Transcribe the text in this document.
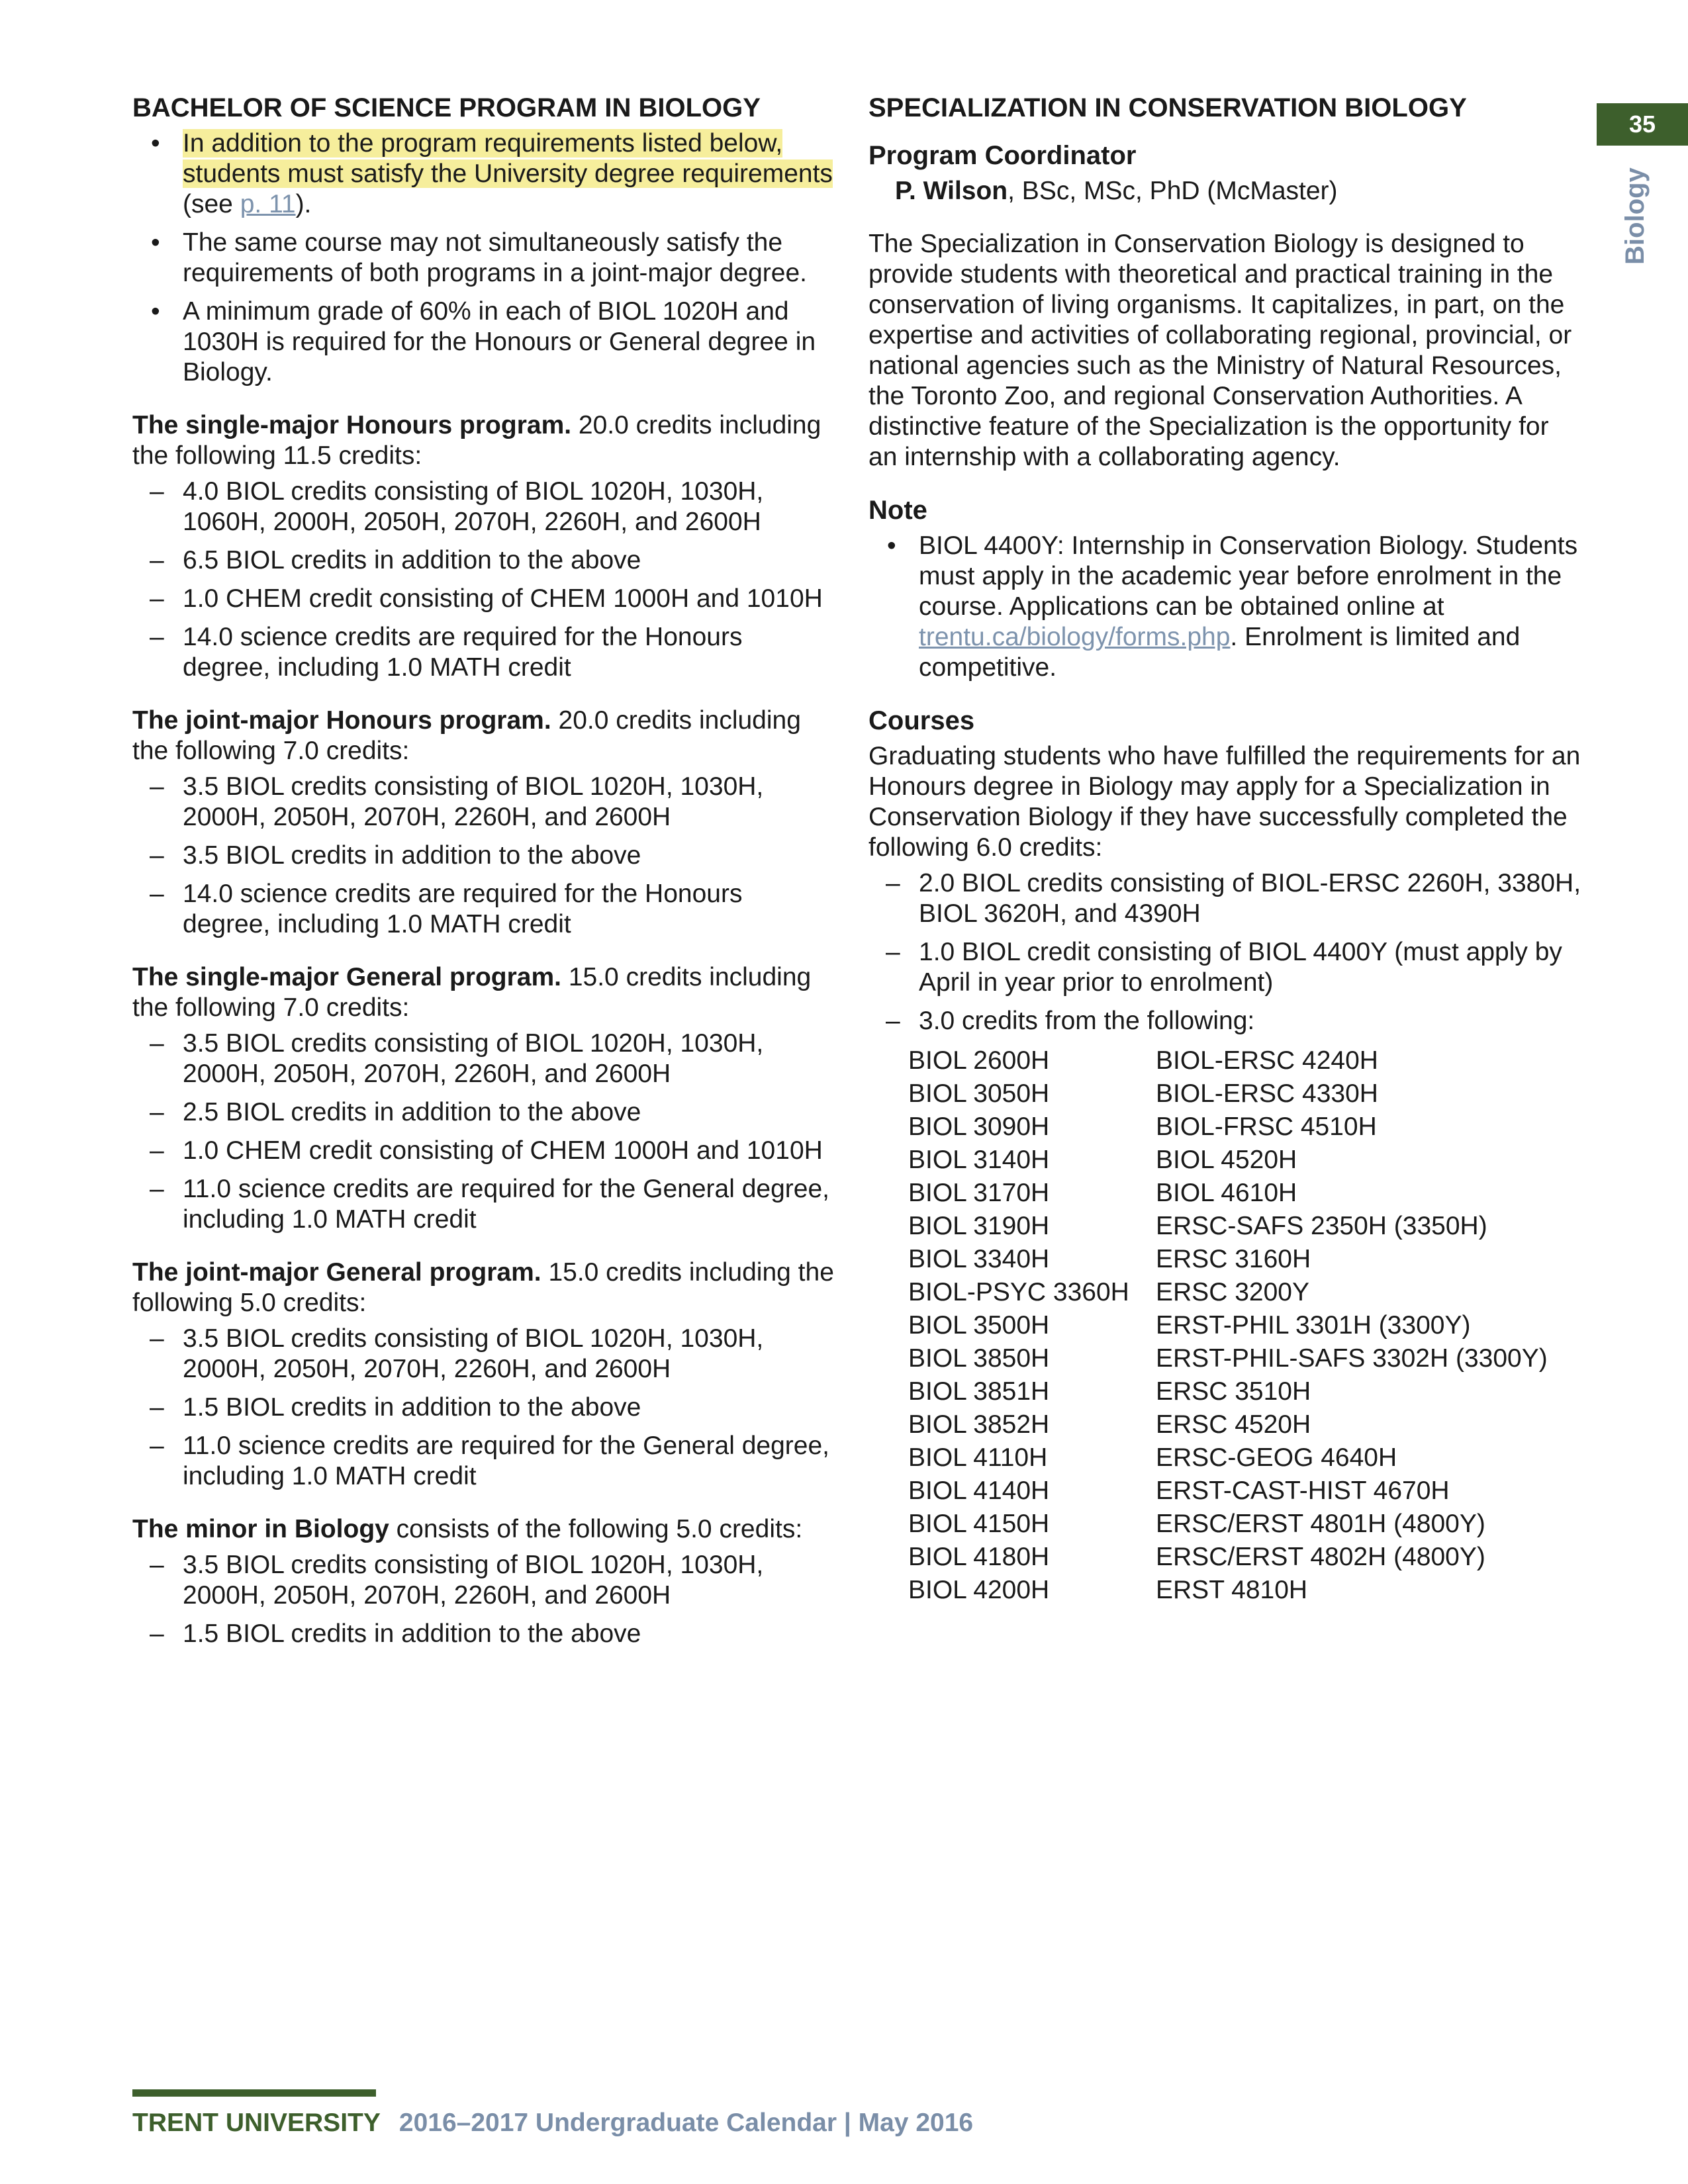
35
Biology
BACHELOR OF SCIENCE PROGRAM IN BIOLOGY
• In addition to the program requirements listed below, students must satisfy the University degree requirements (see p. 11).
• The same course may not simultaneously satisfy the requirements of both programs in a joint-major degree.
• A minimum grade of 60% in each of BIOL 1020H and 1030H is required for the Honours or General degree in Biology.

The single-major Honours program. 20.0 credits including the following 11.5 credits:

– 4.0 BIOL credits consisting of BIOL 1020H, 1030H, 1060H, 2000H, 2050H, 2070H, 2260H, and 2600H
– 6.5 BIOL credits in addition to the above
– 1.0 CHEM credit consisting of CHEM 1000H and 1010H
– 14.0 science credits are required for the Honours degree, including 1.0 MATH credit

The joint-major Honours program. 20.0 credits including the following 7.0 credits:

– 3.5 BIOL credits consisting of BIOL 1020H, 1030H, 2000H, 2050H, 2070H, 2260H, and 2600H
– 3.5 BIOL credits in addition to the above
– 14.0 science credits are required for the Honours degree, including 1.0 MATH credit

The single-major General program. 15.0 credits including the following 7.0 credits:

– 3.5 BIOL credits consisting of BIOL 1020H, 1030H, 2000H, 2050H, 2070H, 2260H, and 2600H
– 2.5 BIOL credits in addition to the above
– 1.0 CHEM credit consisting of CHEM 1000H and 1010H
– 11.0 science credits are required for the General degree, including 1.0 MATH credit

The joint-major General program. 15.0 credits including the following 5.0 credits:

– 3.5 BIOL credits consisting of BIOL 1020H, 1030H, 2000H, 2050H, 2070H, 2260H, and 2600H
– 1.5 BIOL credits in addition to the above
– 11.0 science credits are required for the General degree, including 1.0 MATH credit

The minor in Biology consists of the following 5.0 credits:

– 3.5 BIOL credits consisting of BIOL 1020H, 1030H, 2000H, 2050H, 2070H, 2260H, and 2600H
– 1.5 BIOL credits in addition to the above
SPECIALIZATION IN CONSERVATION BIOLOGY
Program Coordinator

P. Wilson, BSc, MSc, PhD (McMaster)

The Specialization in Conservation Biology is designed to provide students with theoretical and practical training in the conservation of living organisms. It capitalizes, in part, on the expertise and activities of collaborating regional, provincial, or national agencies such as the Ministry of Natural Resources, the Toronto Zoo, and regional Conservation Authorities. A distinctive feature of the Specialization is the opportunity for an internship with a collaborating agency.

Note
• BIOL 4400Y: Internship in Conservation Biology. Students must apply in the academic year before enrolment in the course. Applications can be obtained online at trentu.ca/biology/forms.php. Enrolment is limited and competitive.
Courses

Graduating students who have fulfilled the requirements for an Honours degree in Biology may apply for a Specialization in Conservation Biology if they have successfully completed the following 6.0 credits:

– 2.0 BIOL credits consisting of BIOL-ERSC 2260H, 3380H, BIOL 3620H, and 4390H
– 1.0 BIOL credit consisting of BIOL 4400Y (must apply by April in year prior to enrolment)
– 3.0 credits from the following:
BIOL 2600H	BIOL-ERSC 4240H
BIOL 3050H	BIOL-ERSC 4330H
BIOL 3090H	BIOL-FRSC 4510H
BIOL 3140H	BIOL 4520H
BIOL 3170H	BIOL 4610H
BIOL 3190H	ERSC-SAFS 2350H (3350H)
BIOL 3340H	ERSC 3160H
BIOL-PSYC 3360H	ERSC 3200Y
BIOL 3500H	ERST-PHIL 3301H (3300Y)
BIOL 3850H	ERST-PHIL-SAFS 3302H (3300Y)
BIOL 3851H	ERSC 3510H
BIOL 3852H	ERSC 4520H
BIOL 4110H	ERSC-GEOG 4640H
BIOL 4140H	ERST-CAST-HIST 4670H
BIOL 4150H	ERSC/ERST 4801H (4800Y)
BIOL 4180H	ERSC/ERST 4802H (4800Y)
BIOL 4200H	ERST 4810H
TRENT UNIVERSITY 2016–2017 Undergraduate Calendar | May 2016
